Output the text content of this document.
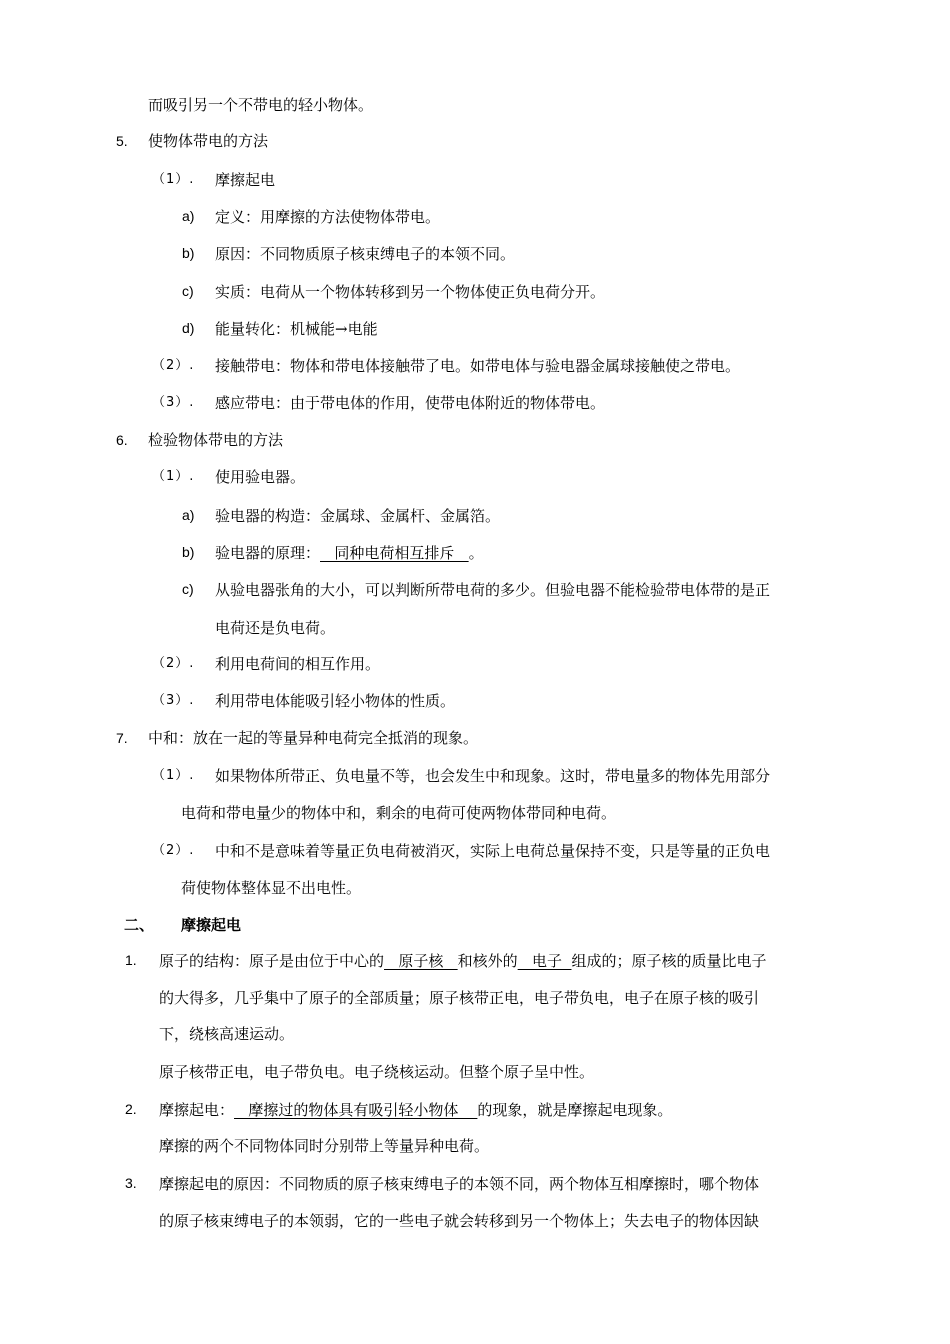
而吸引另一个不带电的轻小物体。
5. 使物体带电的方法
（1）. 摩擦起电
a) 定义：用摩擦的方法使物体带电。
b) 原因：不同物质原子核束缚电子的本领不同。
c) 实质：电荷从一个物体转移到另一个物体使正负电荷分开。
d) 能量转化：机械能→电能
（2）. 接触带电：物体和带电体接触带了电。如带电体与验电器金属球接触使之带电。
（3）. 感应带电：由于带电体的作用，使带电体附近的物体带电。
6. 检验物体带电的方法
（1）. 使用验电器。
a) 验电器的构造：金属球、金属杆、金属箔。
b) 验电器的原理：   同种电荷相互排斥   。
c) 从验电器张角的大小，可以判断所带电荷的多少。但验电器不能检验带电体带的是正
电荷还是负电荷。
（2）. 利用电荷间的相互作用。
（3）. 利用带电体能吸引轻小物体的性质。
7. 中和：放在一起的等量异种电荷完全抵消的现象。
（1）. 如果物体所带正、负电量不等，也会发生中和现象。这时，带电量多的物体先用部分
电荷和带电量少的物体中和，剩余的电荷可使两物体带同种电荷。
（2）. 中和不是意味着等量正负电荷被消灭，实际上电荷总量保持不变，只是等量的正负电
荷使物体整体显不出电性。
二、 摩擦起电
1. 原子的结构：原子是由位于中心的   原子核   和核外的   电子  组成的；原子核的质量比电子
的大得多，几乎集中了原子的全部质量；原子核带正电，电子带负电，电子在原子核的吸引
下，绕核高速运动。
原子核带正电，电子带负电。电子绕核运动。但整个原子呈中性。
2. 摩擦起电：   摩擦过的物体具有吸引轻小物体    的现象，就是摩擦起电现象。
摩擦的两个不同物体同时分别带上等量异种电荷。
3. 摩擦起电的原因：不同物质的原子核束缚电子的本领不同，两个物体互相摩擦时，哪个物体
的原子核束缚电子的本领弱，它的一些电子就会转移到另一个物体上；失去电子的物体因缺
